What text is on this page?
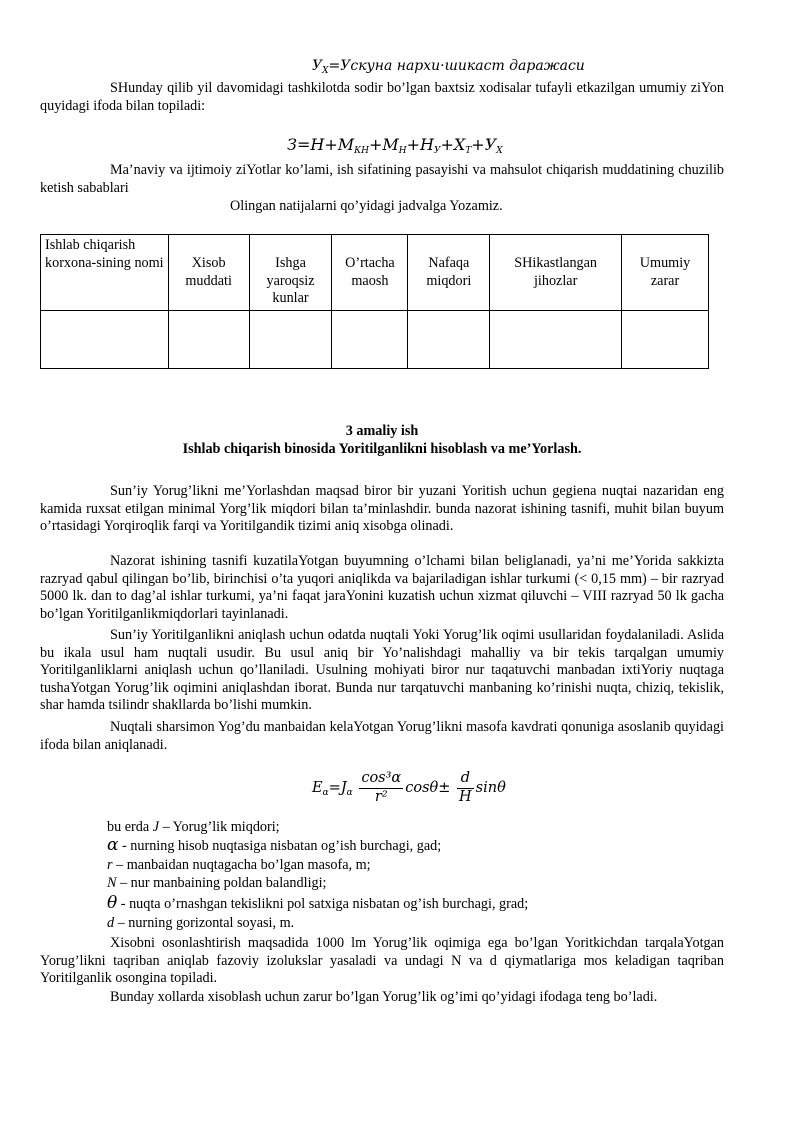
$У_X=Ускуна$ нархи·шикаст даражаси
SHunday qilib yil davomidagi tashkilotda sodir bo’lgan baxtsiz xodisalar tufayli etkazilgan umumiy ziYon quyidagi ifoda bilan topiladi:
$З=Н+М_{КН}+М_Н+Н_У+Х_Т+У_Х$
Ma’naviy va ijtimoiy ziYotlar ko’lami, ish sifatining pasayishi va mahsulot chiqarish muddatining chuzilib ketish sabablari
Olingan natijalarni qo’yidagi jadvalga Yozamiz.
Ishlab chiqarish korxona-sining nomi	Xisob muddati	Ishga yaroqsiz kunlar	O’rtacha maosh	Nafaqa miqdori	SHikastlangan jihozlar	Umumiy zarar

3 amaliy ish
Ishlab chiqarish binosida Yoritilganlikni hisoblash va me’Yorlash.
Sun’iy Yorug’likni me’Yorlashdan maqsad biror bir yuzani Yoritish uchun gegiena nuqtai nazaridan eng kamida ruxsat etilgan minimal Yorg’lik miqdori bilan ta’minlashdir. bunda nazorat ishining tasnifi, muhit bilan buyum o’rtasidagi Yorqiroqlik farqi va Yoritilgandik tizimi aniq xisobga olinadi.
Nazorat ishining tasnifi kuzatilaYotgan buyumning o’lchami bilan beliglanadi, ya’ni me’Yorida sakkizta razryad qabul qilingan bo’lib, birinchisi o’ta yuqori aniqlikda va bajariladigan ishlar turkumi (< 0,15 mm) – bir razryad 5000 lk. dan to dag’al ishlar turkumi, ya’ni faqat jaraYonini kuzatish uchun xizmat qiluvchi – VIII razryad 50 lk gacha bo’lgan Yoritilganlikmiqdorlari tayinlanadi.
Sun’iy Yoritilganlikni aniqlash uchun odatda nuqtali Yoki Yorug’lik oqimi usullaridan foydalaniladi. Aslida bu ikala usul ham nuqtali usudir. Bu usul aniq bir Yo’nalishdagi mahalliy va bir tekis tarqalgan umumiy Yoritilganliklarni aniqlash uchun qo’llaniladi. Usulning mohiyati biror nur taqatuvchi manbadan ixtiYoriy nuqtaga tushaYotgan Yorug’lik oqimini aniqlashdan iborat. Bunda nur tarqatuvchi manbaning ko’rinishi nuqta, chiziq, tekislik, shar hamda tsilindr shakllarda bo’lishi mumkin.
Nuqtali sharsimon Yog’du manbaidan kelaYotgan Yorug’likni masofa kavdrati qonuniga asoslanib quyidagi ifoda bilan aniqlanadi.
$E_\alpha=J_\alpha \frac{\text{cos³α}}{\text{r²}} \cos\theta\pm \frac{d}{H}$ sinθ
bu erda J – Yorug’lik miqdori;
α - nurning hisob nuqtasiga nisbatan og’ish burchagi, gad;
r – manbaidan nuqtagacha bo’lgan masofa, m;
N – nur manbaining poldan balandligi;
θ - nuqta o’rnashgan tekislikni pol satxiga nisbatan og’ish burchagi, grad;
d – nurning gorizontal soyasi, m.
Xisobni osonlashtirish maqsadida 1000 lm Yorug’lik oqimiga ega bo’lgan Yoritkichdan tarqalaYotgan Yorug’likni taqriban aniqlab fazoviy izolukslar yasaladi va undagi N va d qiymatlariga mos keladigan taqriban Yoritilganlik osongina topiladi.
Bunday xollarda xisoblash uchun zarur bo’lgan Yorug’lik og’imi qo’yidagi ifodaga teng bo’ladi.
